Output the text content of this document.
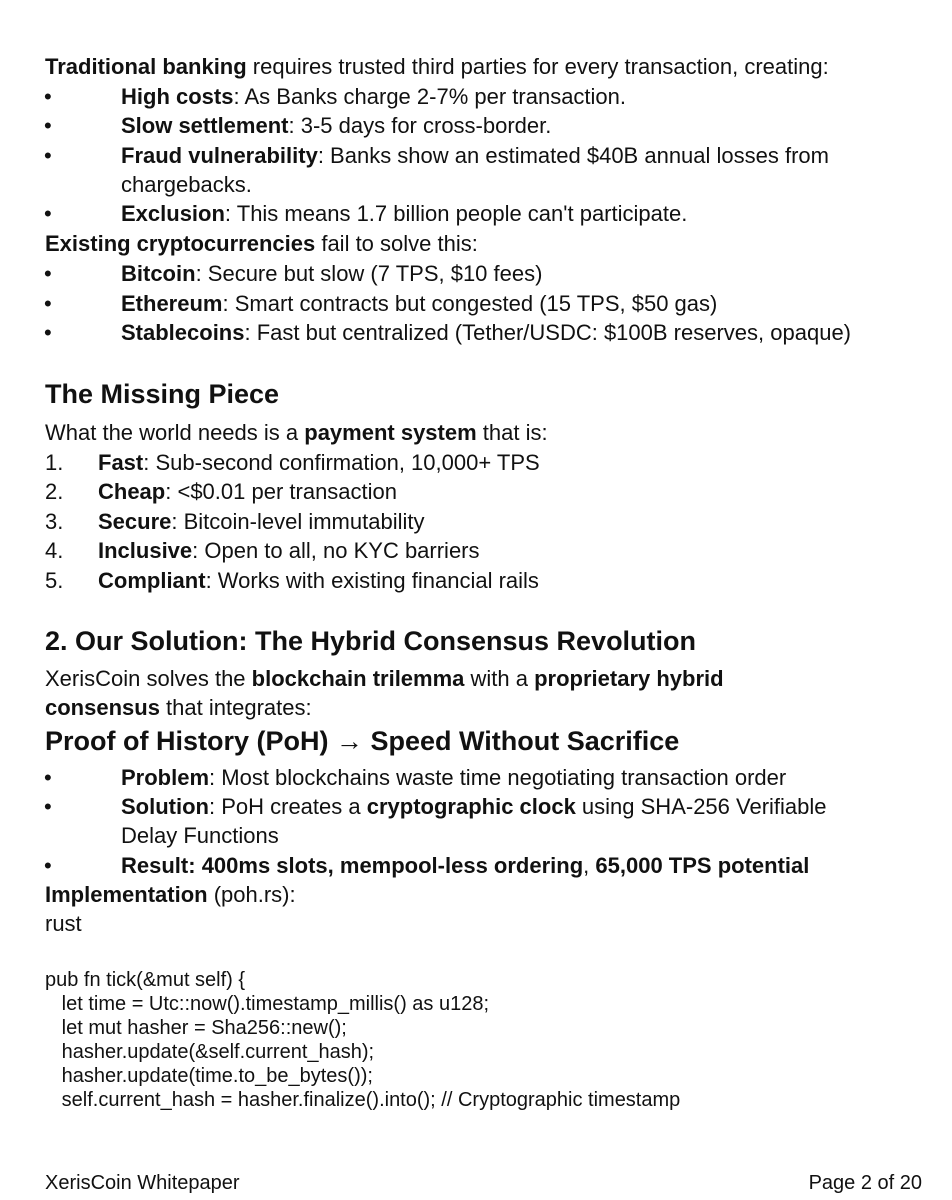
Traditional banking requires trusted third parties for every transaction, creating:
•	High costs: As Banks charge 2-7% per transaction.
•	Slow settlement: 3-5 days for cross-border.
•	Fraud vulnerability: Banks show an estimated $40B annual losses from chargebacks.
•	Exclusion: This means 1.7 billion people can't participate.
Existing cryptocurrencies fail to solve this:
•	Bitcoin: Secure but slow (7 TPS, $10 fees)
•	Ethereum: Smart contracts but congested (15 TPS, $50 gas)
•	Stablecoins: Fast but centralized (Tether/USDC: $100B reserves, opaque)
The Missing Piece
What the world needs is a payment system that is:
1. Fast: Sub-second confirmation, 10,000+ TPS
2. Cheap: <$0.01 per transaction
3. Secure: Bitcoin-level immutability
4. Inclusive: Open to all, no KYC barriers
5. Compliant: Works with existing financial rails
2. Our Solution: The Hybrid Consensus Revolution
XerisCoin solves the blockchain trilemma with a proprietary hybrid
consensus that integrates:
Proof of History (PoH) → Speed Without Sacrifice
•	Problem: Most blockchains waste time negotiating transaction order
•	Solution: PoH creates a cryptographic clock using SHA-256 Verifiable
Delay Functions
•	Result: 400ms slots, mempool-less ordering, 65,000 TPS potential
Implementation (poh.rs):
rust
pub fn tick(&mut self) {
let time = Utc::now().timestamp_millis() as u128;
let mut hasher = Sha256::new();
hasher.update(&self.current_hash);
hasher.update(time.to_be_bytes());
self.current_hash = hasher.finalize().into(); // Cryptographic timestamp
XerisCoin Whitepaper	Page 2 of 20
